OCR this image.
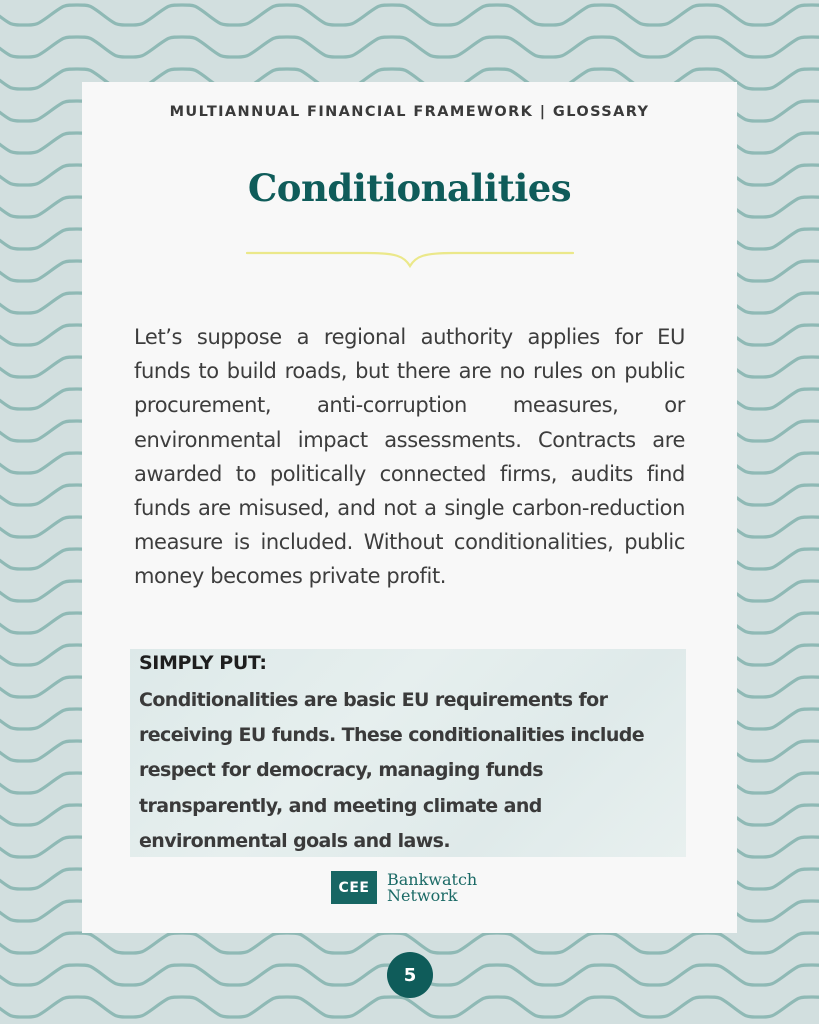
MULTIANNUAL FINANCIAL FRAMEWORK | GLOSSARY
Conditionalities

Let’s suppose a regional authority applies for EU funds to build roads, but there are no rules on public procurement, anti-corruption measures, or environmental impact assessments. Contracts are awarded to politically connected firms, audits find funds are misused, and not a single carbon-reduction measure is included. Without conditionalities, public money becomes private profit.

SIMPLY PUT:

Conditionalities are basic EU requirements for receiving EU funds. These conditionalities include respect for democracy, managing funds transparently, and meeting climate and environmental goals and laws.

CEE	Bankwatch
Network
5
